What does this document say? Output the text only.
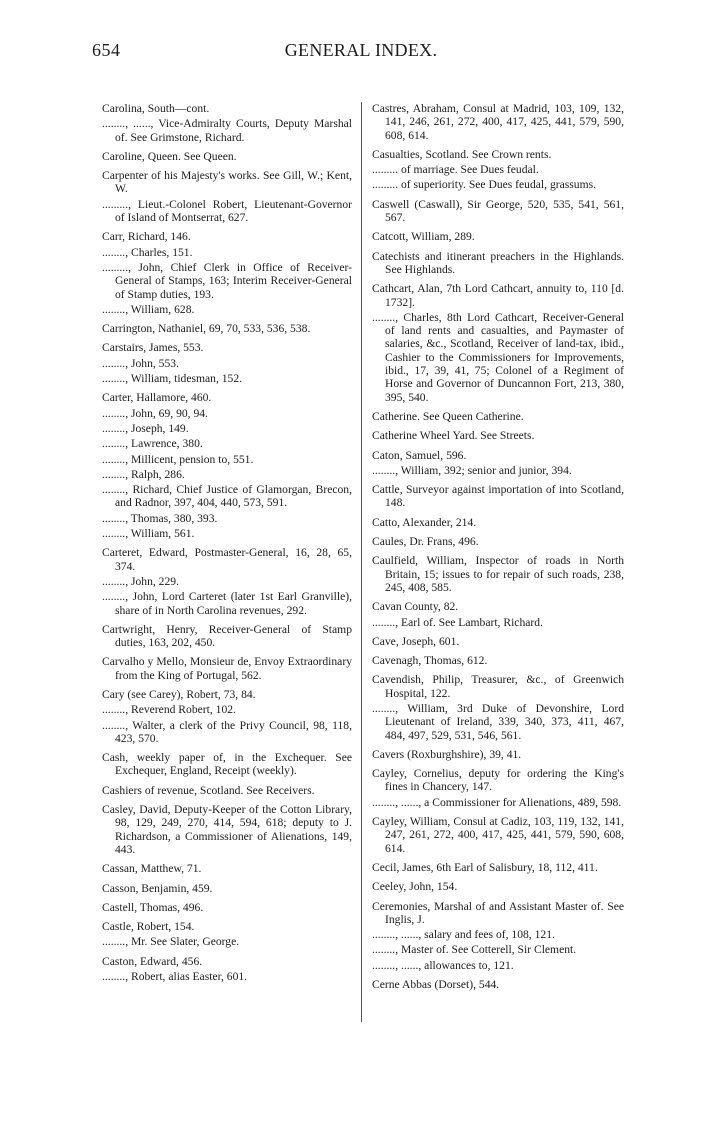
654	GENERAL INDEX.

Carolina, South—cont.

........, ......, Vice-Admiralty Courts, Deputy Marshal of. See Grimstone, Richard.

Caroline, Queen. See Queen.

Carpenter of his Majesty's works. See Gill, W.; Kent, W.

........., Lieut.-Colonel Robert, Lieutenant-Governor of Island of Montserrat, 627.

Carr, Richard, 146.

........, Charles, 151.

........., John, Chief Clerk in Office of Receiver-General of Stamps, 163; Interim Receiver-General of Stamp duties, 193.

........, William, 628.

Carrington, Nathaniel, 69, 70, 533, 536, 538.

Carstairs, James, 553.

........, John, 553.

........, William, tidesman, 152.

Carter, Hallamore, 460.

........, John, 69, 90, 94.

........, Joseph, 149.

........, Lawrence, 380.

........, Millicent, pension to, 551.

........, Ralph, 286.

........, Richard, Chief Justice of Glamorgan, Brecon, and Radnor, 397, 404, 440, 573, 591.

........, Thomas, 380, 393.

........, William, 561.

Carteret, Edward, Postmaster-General, 16, 28, 65, 374.

........, John, 229.

........, John, Lord Carteret (later 1st Earl Granville), share of in North Carolina revenues, 292.

Cartwright, Henry, Receiver-General of Stamp duties, 163, 202, 450.

Carvalho y Mello, Monsieur de, Envoy Extraordinary from the King of Portugal, 562.

Cary (see Carey), Robert, 73, 84.

........, Reverend Robert, 102.

........, Walter, a clerk of the Privy Council, 98, 118, 423, 570.

Cash, weekly paper of, in the Exchequer. See Exchequer, England, Receipt (weekly).

Cashiers of revenue, Scotland. See Receivers.

Casley, David, Deputy-Keeper of the Cotton Library, 98, 129, 249, 270, 414, 594, 618; deputy to J. Richardson, a Commissioner of Alienations, 149, 443.

Cassan, Matthew, 71.

Casson, Benjamin, 459.

Castell, Thomas, 496.

Castle, Robert, 154.

........, Mr. See Slater, George.

Caston, Edward, 456.

........, Robert, alias Easter, 601.

Castres, Abraham, Consul at Madrid, 103, 109, 132, 141, 246, 261, 272, 400, 417, 425, 441, 579, 590, 608, 614.

Casualties, Scotland. See Crown rents.

......... of marriage. See Dues feudal.

......... of superiority. See Dues feudal, grassums.

Caswell (Caswall), Sir George, 520, 535, 541, 561, 567.

Catcott, William, 289.

Catechists and itinerant preachers in the Highlands. See Highlands.

Cathcart, Alan, 7th Lord Cathcart, annuity to, 110 [d. 1732].

........, Charles, 8th Lord Cathcart, Receiver-General of land rents and casualties, and Paymaster of salaries, &c., Scotland, Receiver of land-tax, ibid., Cashier to the Commissioners for Improvements, ibid., 17, 39, 41, 75; Colonel of a Regiment of Horse and Governor of Duncannon Fort, 213, 380, 395, 540.

Catherine. See Queen Catherine.

Catherine Wheel Yard. See Streets.

Caton, Samuel, 596.

........, William, 392; senior and junior, 394.

Cattle, Surveyor against importation of into Scotland, 148.

Catto, Alexander, 214.

Caules, Dr. Frans, 496.

Caulfield, William, Inspector of roads in North Britain, 15; issues to for repair of such roads, 238, 245, 408, 585.

Cavan County, 82.

........, Earl of. See Lambart, Richard.

Cave, Joseph, 601.

Cavenagh, Thomas, 612.

Cavendish, Philip, Treasurer, &c., of Greenwich Hospital, 122.

........, William, 3rd Duke of Devonshire, Lord Lieutenant of Ireland, 339, 340, 373, 411, 467, 484, 497, 529, 531, 546, 561.

Cavers (Roxburghshire), 39, 41.

Cayley, Cornelius, deputy for ordering the King's fines in Chancery, 147.

........, ......, a Commissioner for Alienations, 489, 598.

Cayley, William, Consul at Cadiz, 103, 119, 132, 141, 247, 261, 272, 400, 417, 425, 441, 579, 590, 608, 614.

Cecil, James, 6th Earl of Salisbury, 18, 112, 411.

Ceeley, John, 154.

Ceremonies, Marshal of and Assistant Master of. See Inglis, J.

........, ......, salary and fees of, 108, 121.

........, Master of. See Cotterell, Sir Clement.

........, ......, allowances to, 121.

Cerne Abbas (Dorset), 544.
